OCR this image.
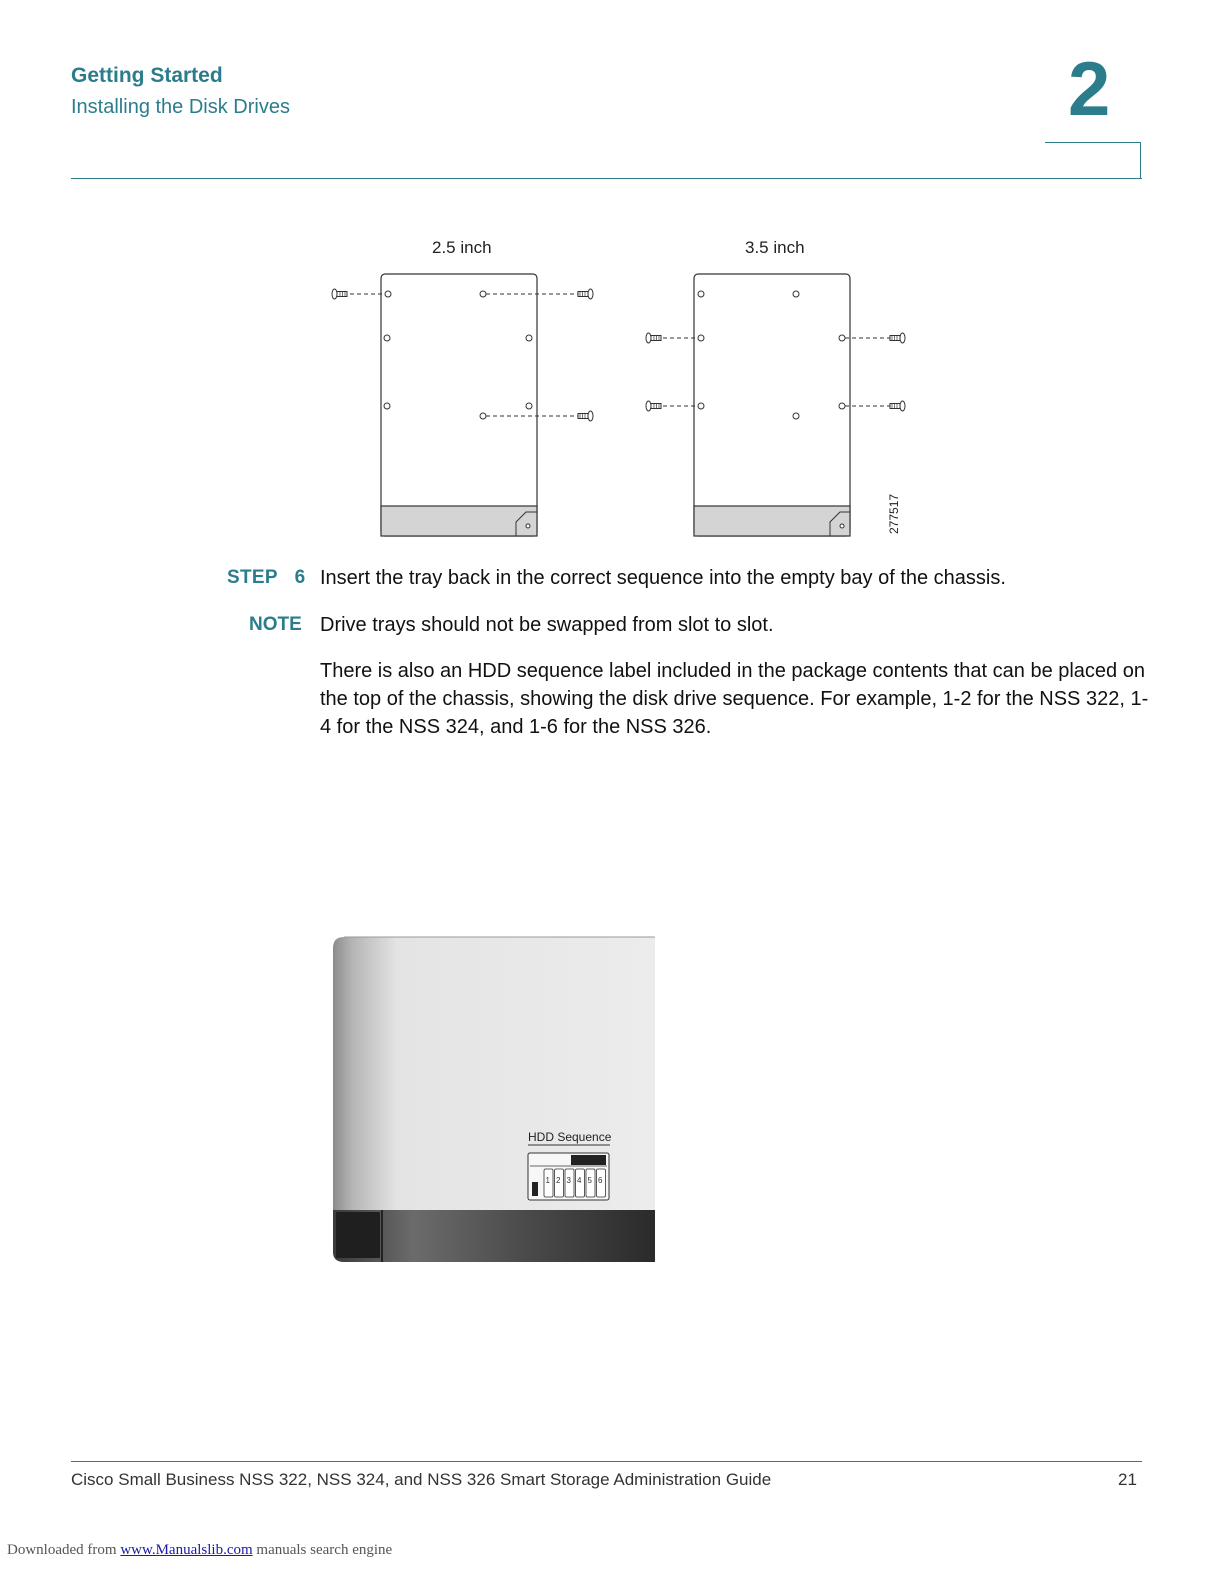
Getting Started
Installing the Disk Drives	2
2.5 inch	3.5 inch
277517
STEP 6 Insert the tray back in the correct sequence into the empty bay of the chassis.
NOTE Drive trays should not be swapped from slot to slot.
There is also an HDD sequence label included in the package contents that can be placed on the top of the chassis, showing the disk drive sequence. For example, 1-2 for the NSS 322, 1-4 for the NSS 324, and 1-6 for the NSS 326.
HDD Sequence
1 2 3 4 5 6
Cisco Small Business NSS 322, NSS 324, and NSS 326 Smart Storage Administration Guide	21
Downloaded from www.Manualslib.com manuals search engine
